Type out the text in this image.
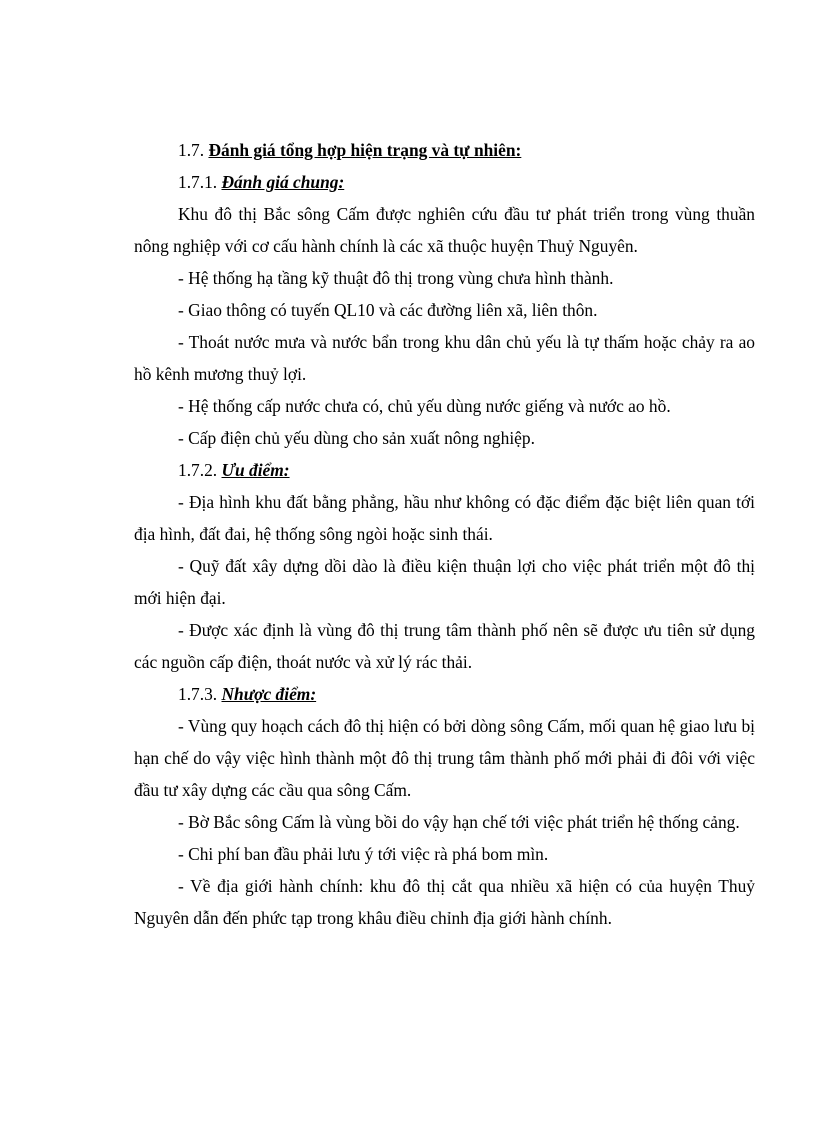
1.7. Đánh giá tổng hợp hiện trạng và tự nhiên:

1.7.1. Đánh giá chung:

Khu đô thị Bắc sông Cấm được nghiên cứu đầu tư phát triển trong vùng thuần nông nghiệp với cơ cấu hành chính là các xã thuộc huyện Thuỷ Nguyên.

- Hệ thống hạ tầng kỹ thuật đô thị trong vùng chưa hình thành.

- Giao thông có tuyến QL10 và các đường liên xã, liên thôn.

- Thoát nước mưa và nước bẩn trong khu dân chủ yếu là tự thấm hoặc chảy ra ao hồ kênh mương thuỷ lợi.

- Hệ thống cấp nước chưa có, chủ yếu dùng nước giếng và nước ao hồ.

- Cấp điện chủ yếu dùng cho sản xuất nông nghiệp.

1.7.2. Ưu điểm:

- Địa hình khu đất bằng phẳng, hầu như không có đặc điểm đặc biệt liên quan tới địa hình, đất đai, hệ thống sông ngòi hoặc sinh thái.

- Quỹ đất xây dựng dồi dào là điều kiện thuận lợi cho việc phát triển một đô thị mới hiện đại.

- Được xác định là vùng đô thị trung tâm thành phố nên sẽ được ưu tiên sử dụng các nguồn cấp điện, thoát nước và xử lý rác thải.

1.7.3. Nhược điểm:

- Vùng quy hoạch cách đô thị hiện có bởi dòng sông Cấm, mối quan hệ giao lưu bị hạn chế do vậy việc hình thành một đô thị trung tâm thành phố mới phải đi đôi với việc đầu tư xây dựng các cầu qua sông Cấm.

- Bờ Bắc sông Cấm là vùng bồi do vậy hạn chế tới việc phát triển hệ thống cảng.

- Chi phí ban đầu phải lưu ý tới việc rà phá bom mìn.

- Về địa giới hành chính: khu đô thị cắt qua nhiều xã hiện có của huyện Thuỷ Nguyên dẫn đến phức tạp trong khâu điều chỉnh địa giới hành chính.
